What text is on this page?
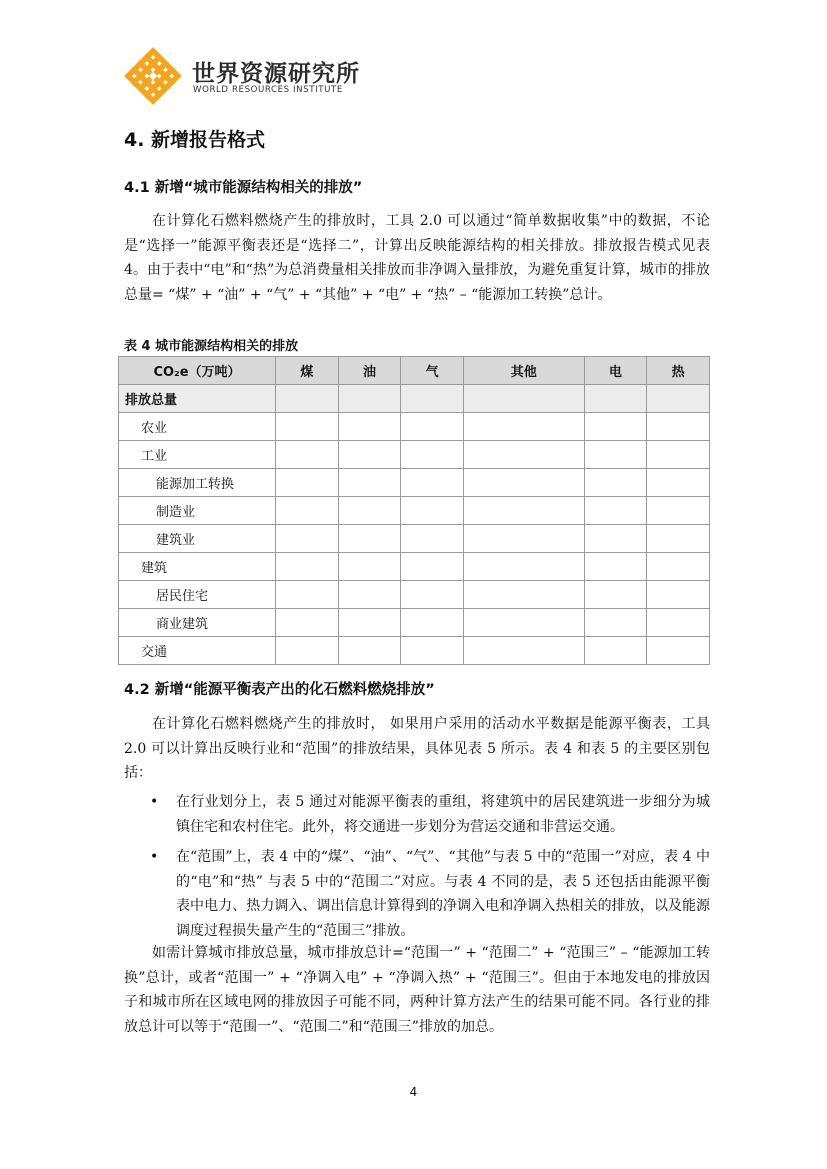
世界资源研究所
WORLD RESOURCES INSTITUTE
4. 新增报告格式
4.1 新增“城市能源结构相关的排放”

在计算化石燃料燃烧产生的排放时，工具 2.0 可以通过“简单数据收集”中的数据，不论是“选择一”能源平衡表还是“选择二”，计算出反映能源结构的相关排放。排放报告模式见表 4。由于表中“电”和“热”为总消费量相关排放而非净调入量排放，为避免重复计算，城市的排放总量= “煤” + “油” + “气” + “其他” + “电” + “热” – “能源加工转换”总计。

表 4 城市能源结构相关的排放
CO₂e（万吨）	煤	油	气	其他	电	热
排放总量						
农业						
工业						
能源加工转换						
制造业						
建筑业						
建筑						
居民住宅						
商业建筑						
交通						
4.2 新增“能源平衡表产出的化石燃料燃烧排放”

在计算化石燃料燃烧产生的排放时， 如果用户采用的活动水平数据是能源平衡表，工具 2.0 可以计算出反映行业和“范围”的排放结果，具体见表 5 所示。表 4 和表 5 的主要区别包括：

• 在行业划分上，表 5 通过对能源平衡表的重组，将建筑中的居民建筑进一步细分为城镇住宅和农村住宅。此外，将交通进一步划分为营运交通和非营运交通。
• 在“范围”上，表 4 中的“煤”、“油”、“气”、“其他”与表 5 中的“范围一”对应，表 4 中的“电”和“热” 与表 5 中的“范围二”对应。与表 4 不同的是，表 5 还包括由能源平衡表中电力、热力调入、调出信息计算得到的净调入电和净调入热相关的排放，以及能源调度过程损失量产生的“范围三”排放。

如需计算城市排放总量，城市排放总计=“范围一” + “范围二” + “范围三” – “能源加工转换”总计，或者“范围一” + “净调入电” + “净调入热” + “范围三”。但由于本地发电的排放因子和城市所在区域电网的排放因子可能不同，两种计算方法产生的结果可能不同。各行业的排放总计可以等于“范围一”、“范围二”和“范围三”排放的加总。

4
